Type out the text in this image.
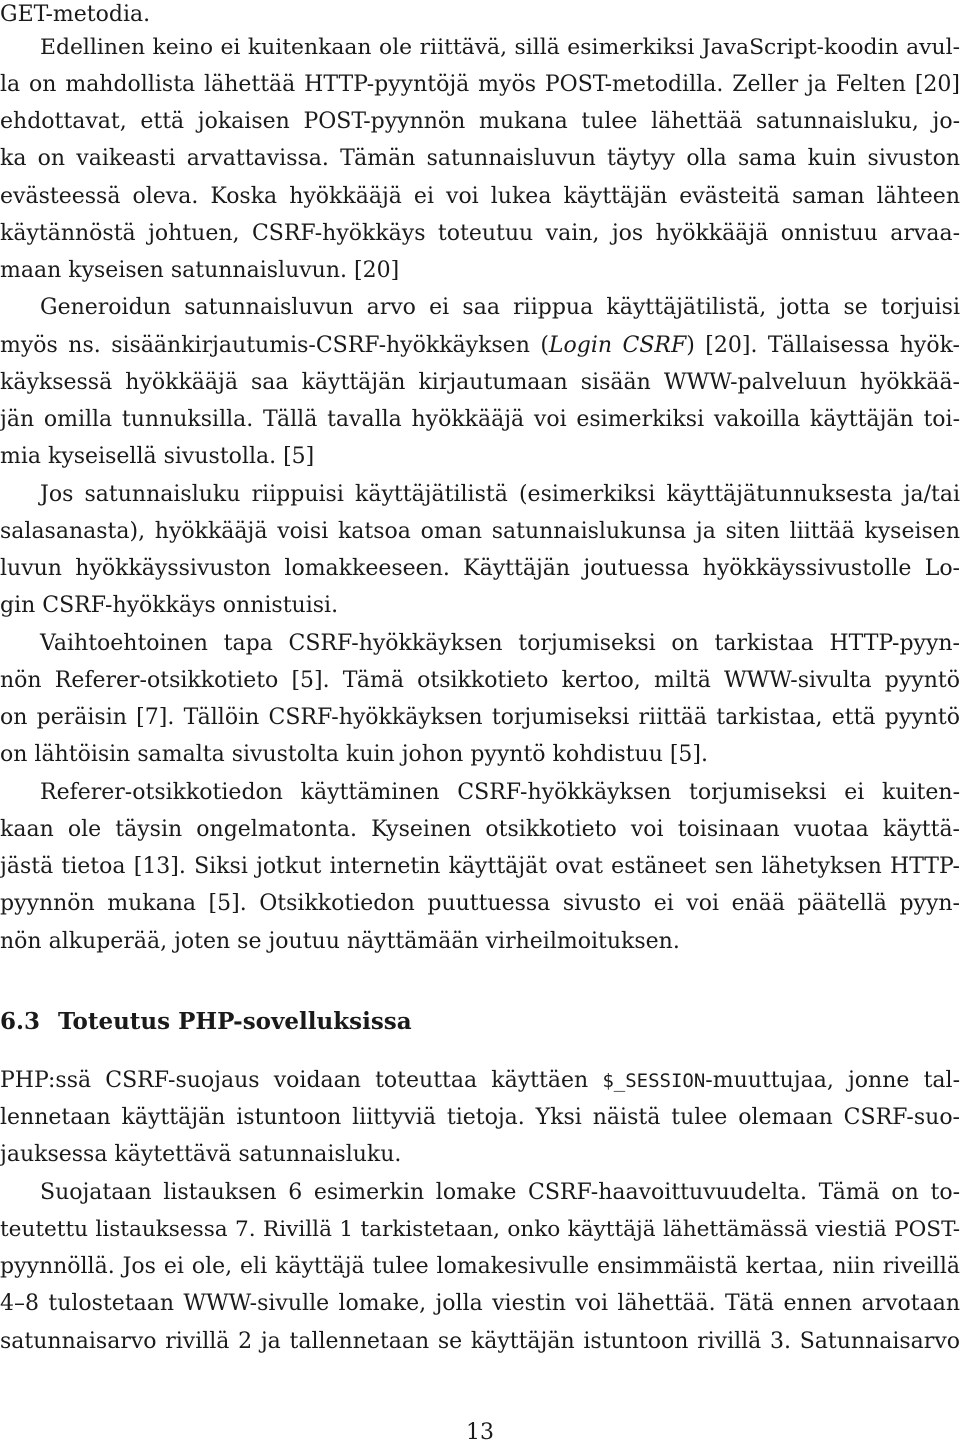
GET-metodia.
Edellinen keino ei kuitenkaan ole riittävä, sillä esimerkiksi JavaScript-koodin avul-
la on mahdollista lähettää HTTP-pyyntöjä myös POST-metodilla. Zeller ja Felten [20]
ehdottavat, että jokaisen POST-pyynnön mukana tulee lähettää satunnaisluku, jo-
ka on vaikeasti arvattavissa. Tämän satunnaisluvun täytyy olla sama kuin sivuston
evästeessä oleva. Koska hyökkääjä ei voi lukea käyttäjän evästeitä saman lähteen
käytännöstä johtuen, CSRF-hyökkäys toteutuu vain, jos hyökkääjä onnistuu arvaa-
maan kyseisen satunnaisluvun. [20]
Generoidun satunnaisluvun arvo ei saa riippua käyttäjätilistä, jotta se torjuisi
myös ns. sisäänkirjautumis-CSRF-hyökkäyksen (Login CSRF) [20]. Tällaisessa hyök-
käyksessä hyökkääjä saa käyttäjän kirjautumaan sisään WWW-palveluun hyökkää-
jän omilla tunnuksilla. Tällä tavalla hyökkääjä voi esimerkiksi vakoilla käyttäjän toi-
mia kyseisellä sivustolla. [5]
Jos satunnaisluku riippuisi käyttäjätilistä (esimerkiksi käyttäjätunnuksesta ja/tai
salasanasta), hyökkääjä voisi katsoa oman satunnaislukunsa ja siten liittää kyseisen
luvun hyökkäyssivuston lomakkeeseen. Käyttäjän joutuessa hyökkäyssivustolle Lo-
gin CSRF-hyökkäys onnistuisi.
Vaihtoehtoinen tapa CSRF-hyökkäyksen torjumiseksi on tarkistaa HTTP-pyyn-
nön Referer-otsikkotieto [5]. Tämä otsikkotieto kertoo, miltä WWW-sivulta pyyntö
on peräisin [7]. Tällöin CSRF-hyökkäyksen torjumiseksi riittää tarkistaa, että pyyntö
on lähtöisin samalta sivustolta kuin johon pyyntö kohdistuu [5].
Referer-otsikkotiedon käyttäminen CSRF-hyökkäyksen torjumiseksi ei kuiten-
kaan ole täysin ongelmatonta. Kyseinen otsikkotieto voi toisinaan vuotaa käyttä-
jästä tietoa [13]. Siksi jotkut internetin käyttäjät ovat estäneet sen lähetyksen HTTP-
pyynnön mukana [5]. Otsikkotiedon puuttuessa sivusto ei voi enää päätellä pyyn-
nön alkuperää, joten se joutuu näyttämään virheilmoituksen.
6.3 Toteutus PHP-sovelluksissa
PHP:ssä CSRF-suojaus voidaan toteuttaa käyttäen $_SESSION-muuttujaa, jonne tal-
lennetaan käyttäjän istuntoon liittyviä tietoja. Yksi näistä tulee olemaan CSRF-suo-
jauksessa käytettävä satunnaisluku.
Suojataan listauksen 6 esimerkin lomake CSRF-haavoittuvuudelta. Tämä on to-
teutettu listauksessa 7. Rivillä 1 tarkistetaan, onko käyttäjä lähettämässä viestiä POST-
pyynnöllä. Jos ei ole, eli käyttäjä tulee lomakesivulle ensimmäistä kertaa, niin riveillä
4–8 tulostetaan WWW-sivulle lomake, jolla viestin voi lähettää. Tätä ennen arvotaan
satunnaisarvo rivillä 2 ja tallennetaan se käyttäjän istuntoon rivillä 3. Satunnaisarvo
13
